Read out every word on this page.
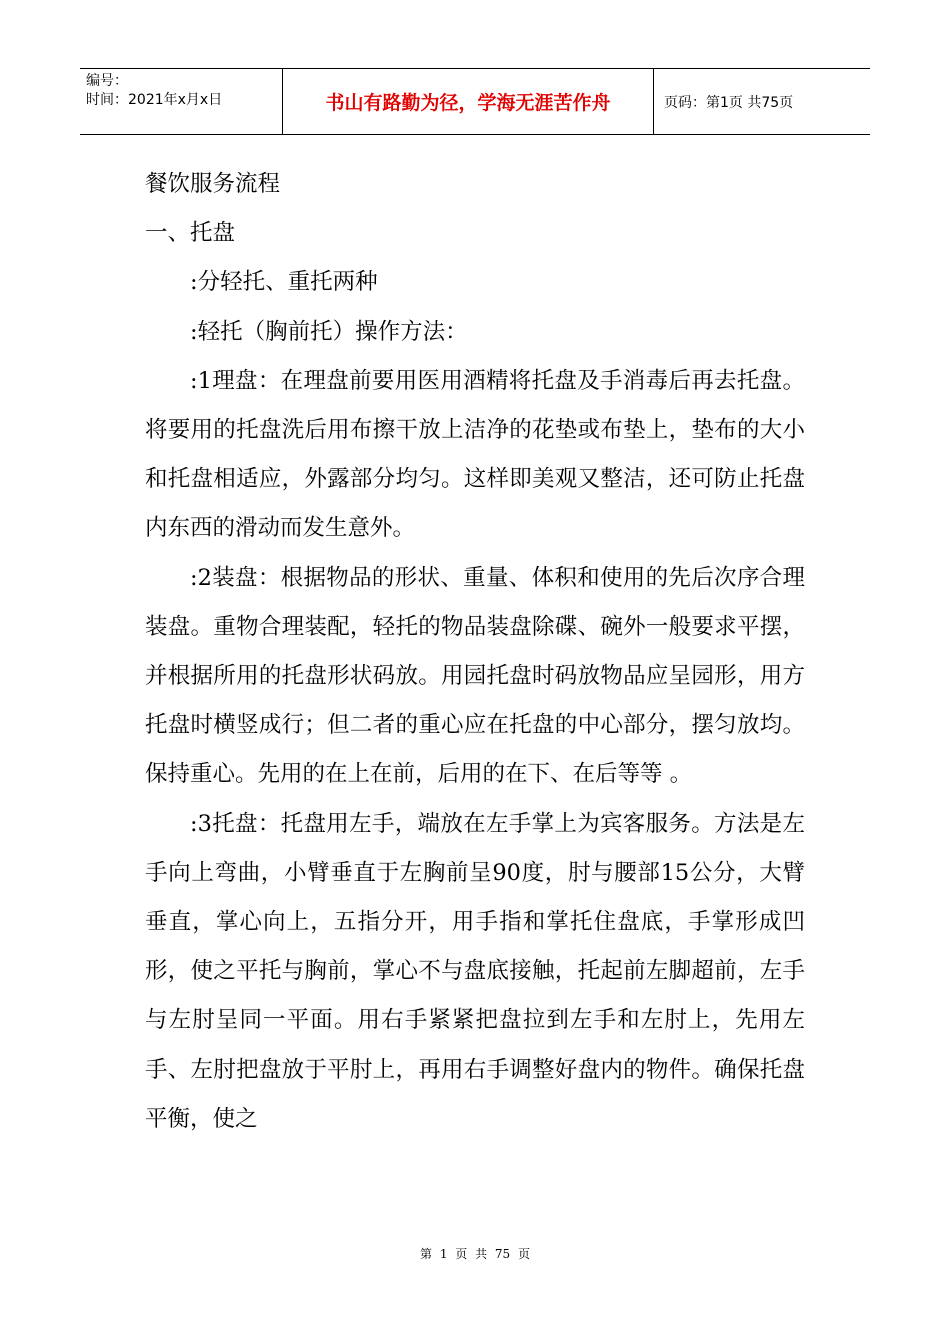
编号：
时间：2021年x月x日	书山有路勤为径，学海无涯苦作舟	页码：第1页 共75页

餐饮服务流程

一、托盘

:分轻托、重托两种

:轻托（胸前托）操作方法：

:1理盘：在理盘前要用医用酒精将托盘及手消毒后再去托盘。将要用的托盘洗后用布擦干放上洁净的花垫或布垫上，垫布的大小和托盘相适应，外露部分均匀。这样即美观又整洁，还可防止托盘内东西的滑动而发生意外。

:2装盘：根据物品的形状、重量、体积和使用的先后次序合理装盘。重物合理装配，轻托的物品装盘除碟、碗外一般要求平摆，并根据所用的托盘形状码放。用园托盘时码放物品应呈园形，用方托盘时横竖成行；但二者的重心应在托盘的中心部分，摆匀放均。保持重心。先用的在上在前，后用的在下、在后等等 。

:3托盘：托盘用左手，端放在左手掌上为宾客服务。方法是左手向上弯曲，小臂垂直于左胸前呈90度，肘与腰部15公分，大臂垂直，掌心向上，五指分开，用手指和掌托住盘底，手掌形成凹形，使之平托与胸前，掌心不与盘底接触，托起前左脚超前，左手与左肘呈同一平面。用右手紧紧把盘拉到左手和左肘上，先用左手、左肘把盘放于平肘上，再用右手调整好盘内的物件。确保托盘平衡，使之

第 1 页 共 75 页
